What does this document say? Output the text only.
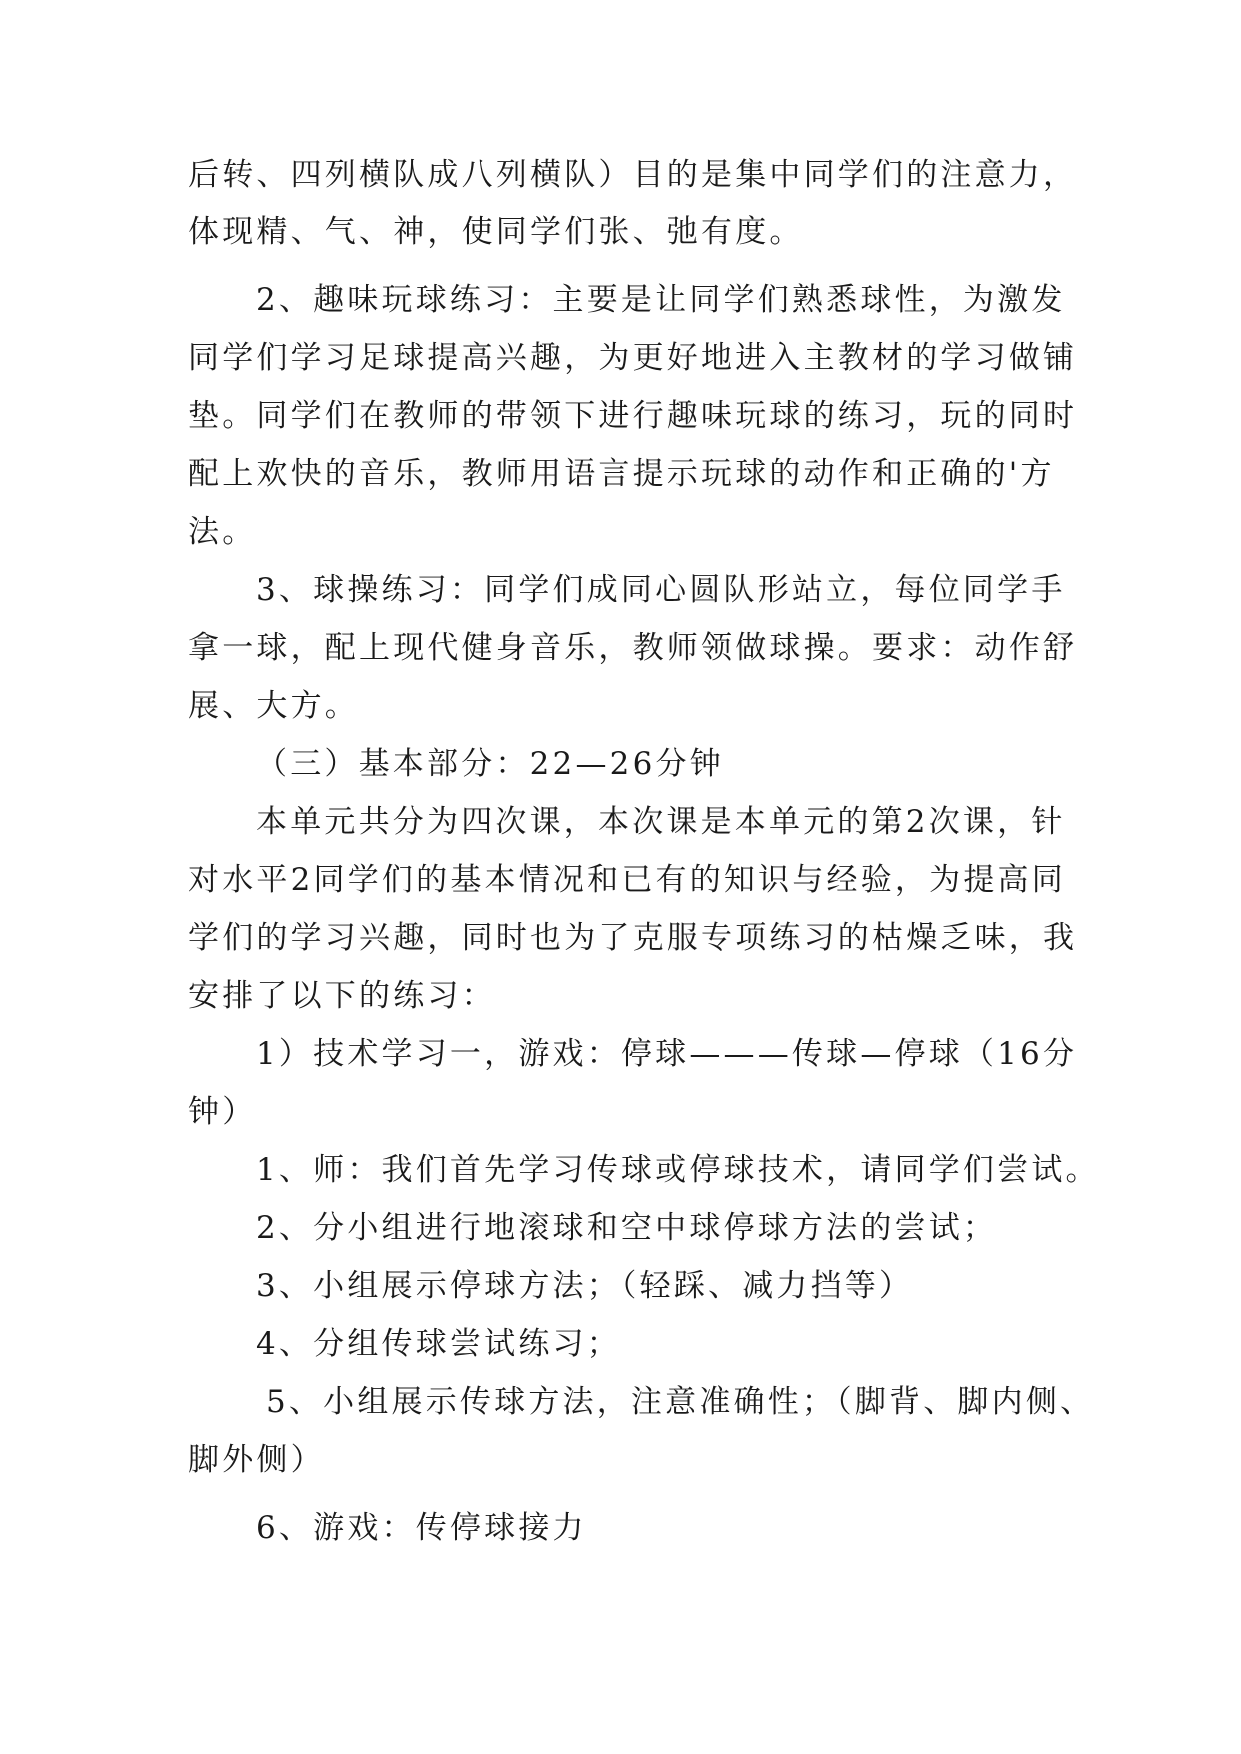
后转、四列横队成八列横队）目的是集中同学们的注意力，
体现精、气、神，使同学们张、弛有度。
2、趣味玩球练习：主要是让同学们熟悉球性，为激发
同学们学习足球提高兴趣，为更好地进入主教材的学习做铺
垫。同学们在教师的带领下进行趣味玩球的练习，玩的同时
配上欢快的音乐，教师用语言提示玩球的动作和正确的'方
法。
3、球操练习：同学们成同心圆队形站立，每位同学手
拿一球，配上现代健身音乐，教师领做球操。要求：动作舒
展、大方。
（三）基本部分：22—26分钟
本单元共分为四次课，本次课是本单元的第2次课，针
对水平2同学们的基本情况和已有的知识与经验，为提高同
学们的学习兴趣，同时也为了克服专项练习的枯燥乏味，我
安排了以下的练习：
1）技术学习一，游戏：停球———传球—停球（16分
钟）
1、师：我们首先学习传球或停球技术，请同学们尝试。
2、分小组进行地滚球和空中球停球方法的尝试；
3、小组展示停球方法；（轻踩、减力挡等）
4、分组传球尝试练习；
5、小组展示传球方法，注意准确性；（脚背、脚内侧、
脚外侧）
6、游戏：传停球接力
